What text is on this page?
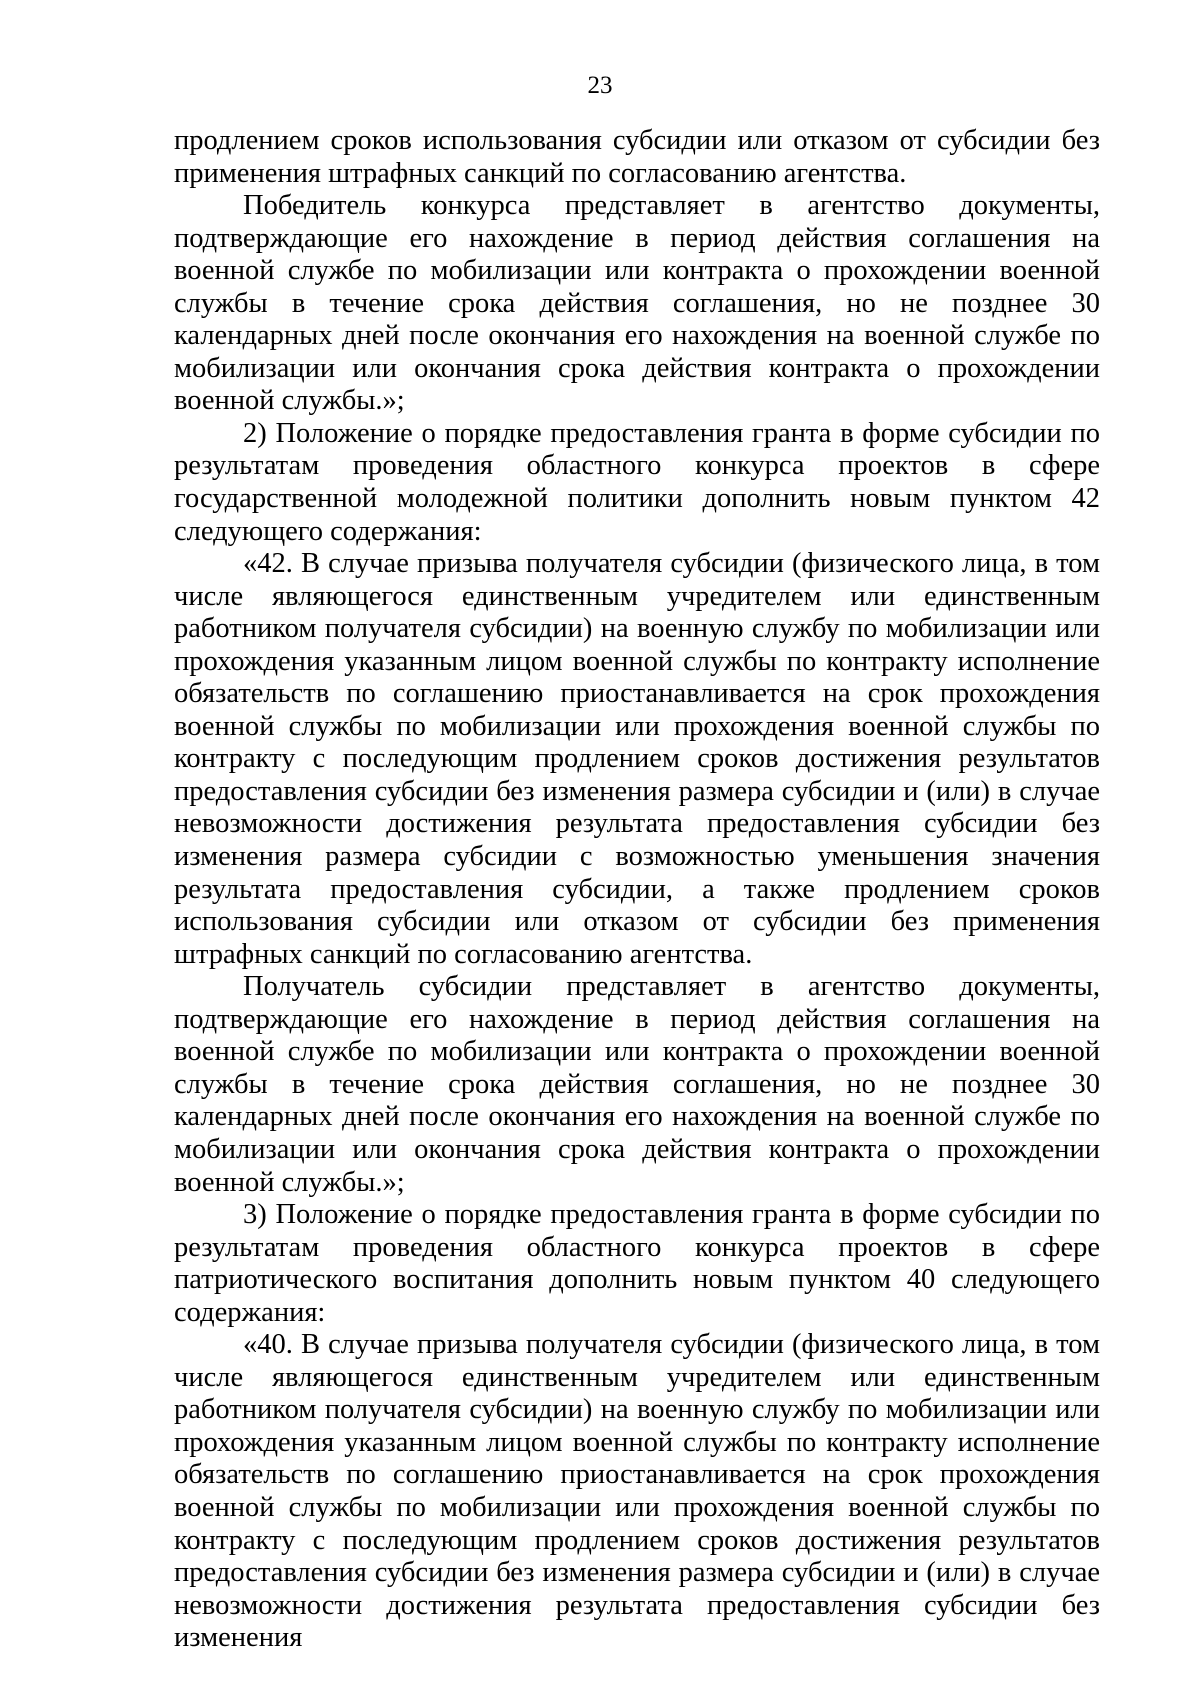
23

продлением сроков использования субсидии или отказом от субсидии без применения штрафных санкций по согласованию агентства.

Победитель конкурса представляет в агентство документы, подтверждающие его нахождение в период действия соглашения на военной службе по мобилизации или контракта о прохождении военной службы в течение срока действия соглашения, но не позднее 30 календарных дней после окончания его нахождения на военной службе по мобилизации или окончания срока действия контракта о прохождении военной службы.»;

2) Положение о порядке предоставления гранта в форме субсидии по результатам проведения областного конкурса проектов в сфере государственной молодежной политики дополнить новым пунктом 42 следующего содержания:

«42. В случае призыва получателя субсидии (физического лица, в том числе являющегося единственным учредителем или единственным работником получателя субсидии) на военную службу по мобилизации или прохождения указанным лицом военной службы по контракту исполнение обязательств по соглашению приостанавливается на срок прохождения военной службы по мобилизации или прохождения военной службы по контракту с последующим продлением сроков достижения результатов предоставления субсидии без изменения размера субсидии и (или) в случае невозможности достижения результата предоставления субсидии без изменения размера субсидии с возможностью уменьшения значения результата предоставления субсидии, а также продлением сроков использования субсидии или отказом от субсидии без применения штрафных санкций по согласованию агентства.

Получатель субсидии представляет в агентство документы, подтверждающие его нахождение в период действия соглашения на военной службе по мобилизации или контракта о прохождении военной службы в течение срока действия соглашения, но не позднее 30 календарных дней после окончания его нахождения на военной службе по мобилизации или окончания срока действия контракта о прохождении военной службы.»;

3) Положение о порядке предоставления гранта в форме субсидии по результатам проведения областного конкурса проектов в сфере патриотического воспитания дополнить новым пунктом 40 следующего содержания:

«40. В случае призыва получателя субсидии (физического лица, в том числе являющегося единственным учредителем или единственным работником получателя субсидии) на военную службу по мобилизации или прохождения указанным лицом военной службы по контракту исполнение обязательств по соглашению приостанавливается на срок прохождения военной службы по мобилизации или прохождения военной службы по контракту с последующим продлением сроков достижения результатов предоставления субсидии без изменения размера субсидии и (или) в случае невозможности достижения результата предоставления субсидии без изменения
